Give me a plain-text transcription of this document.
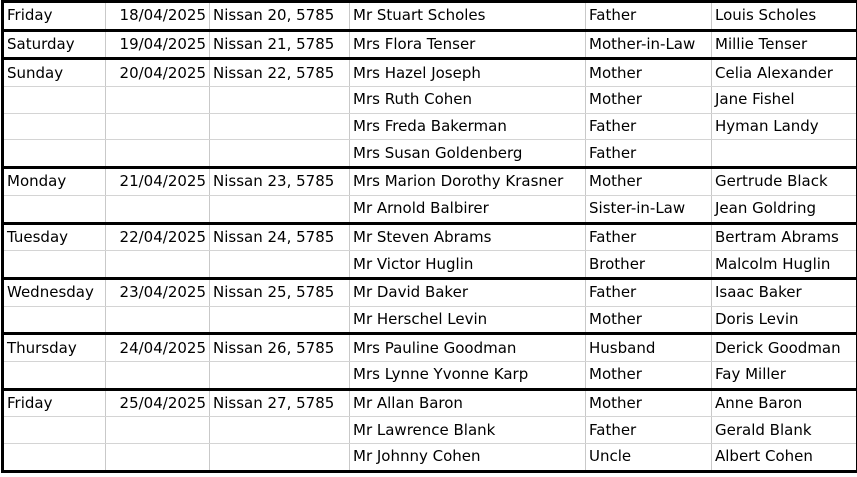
Friday	18/04/2025	Nissan 20, 5785	Mr Stuart Scholes	Father	Louis Scholes
Saturday	19/04/2025	Nissan 21, 5785	Mrs Flora Tenser	Mother-in-Law	Millie Tenser
Sunday	20/04/2025	Nissan 22, 5785	Mrs Hazel Joseph	Mother	Celia Alexander
			Mrs Ruth Cohen	Mother	Jane Fishel
			Mrs Freda Bakerman	Father	Hyman Landy
			Mrs Susan Goldenberg	Father	
Monday	21/04/2025	Nissan 23, 5785	Mrs Marion Dorothy Krasner	Mother	Gertrude Black
			Mr Arnold Balbirer	Sister-in-Law	Jean Goldring
Tuesday	22/04/2025	Nissan 24, 5785	Mr Steven Abrams	Father	Bertram Abrams
			Mr Victor Huglin	Brother	Malcolm Huglin
Wednesday	23/04/2025	Nissan 25, 5785	Mr David Baker	Father	Isaac Baker
			Mr Herschel Levin	Mother	Doris Levin
Thursday	24/04/2025	Nissan 26, 5785	Mrs Pauline Goodman	Husband	Derick Goodman
			Mrs Lynne Yvonne Karp	Mother	Fay Miller
Friday	25/04/2025	Nissan 27, 5785	Mr Allan Baron	Mother	Anne Baron
			Mr Lawrence Blank	Father	Gerald Blank
			Mr Johnny Cohen	Uncle	Albert Cohen
